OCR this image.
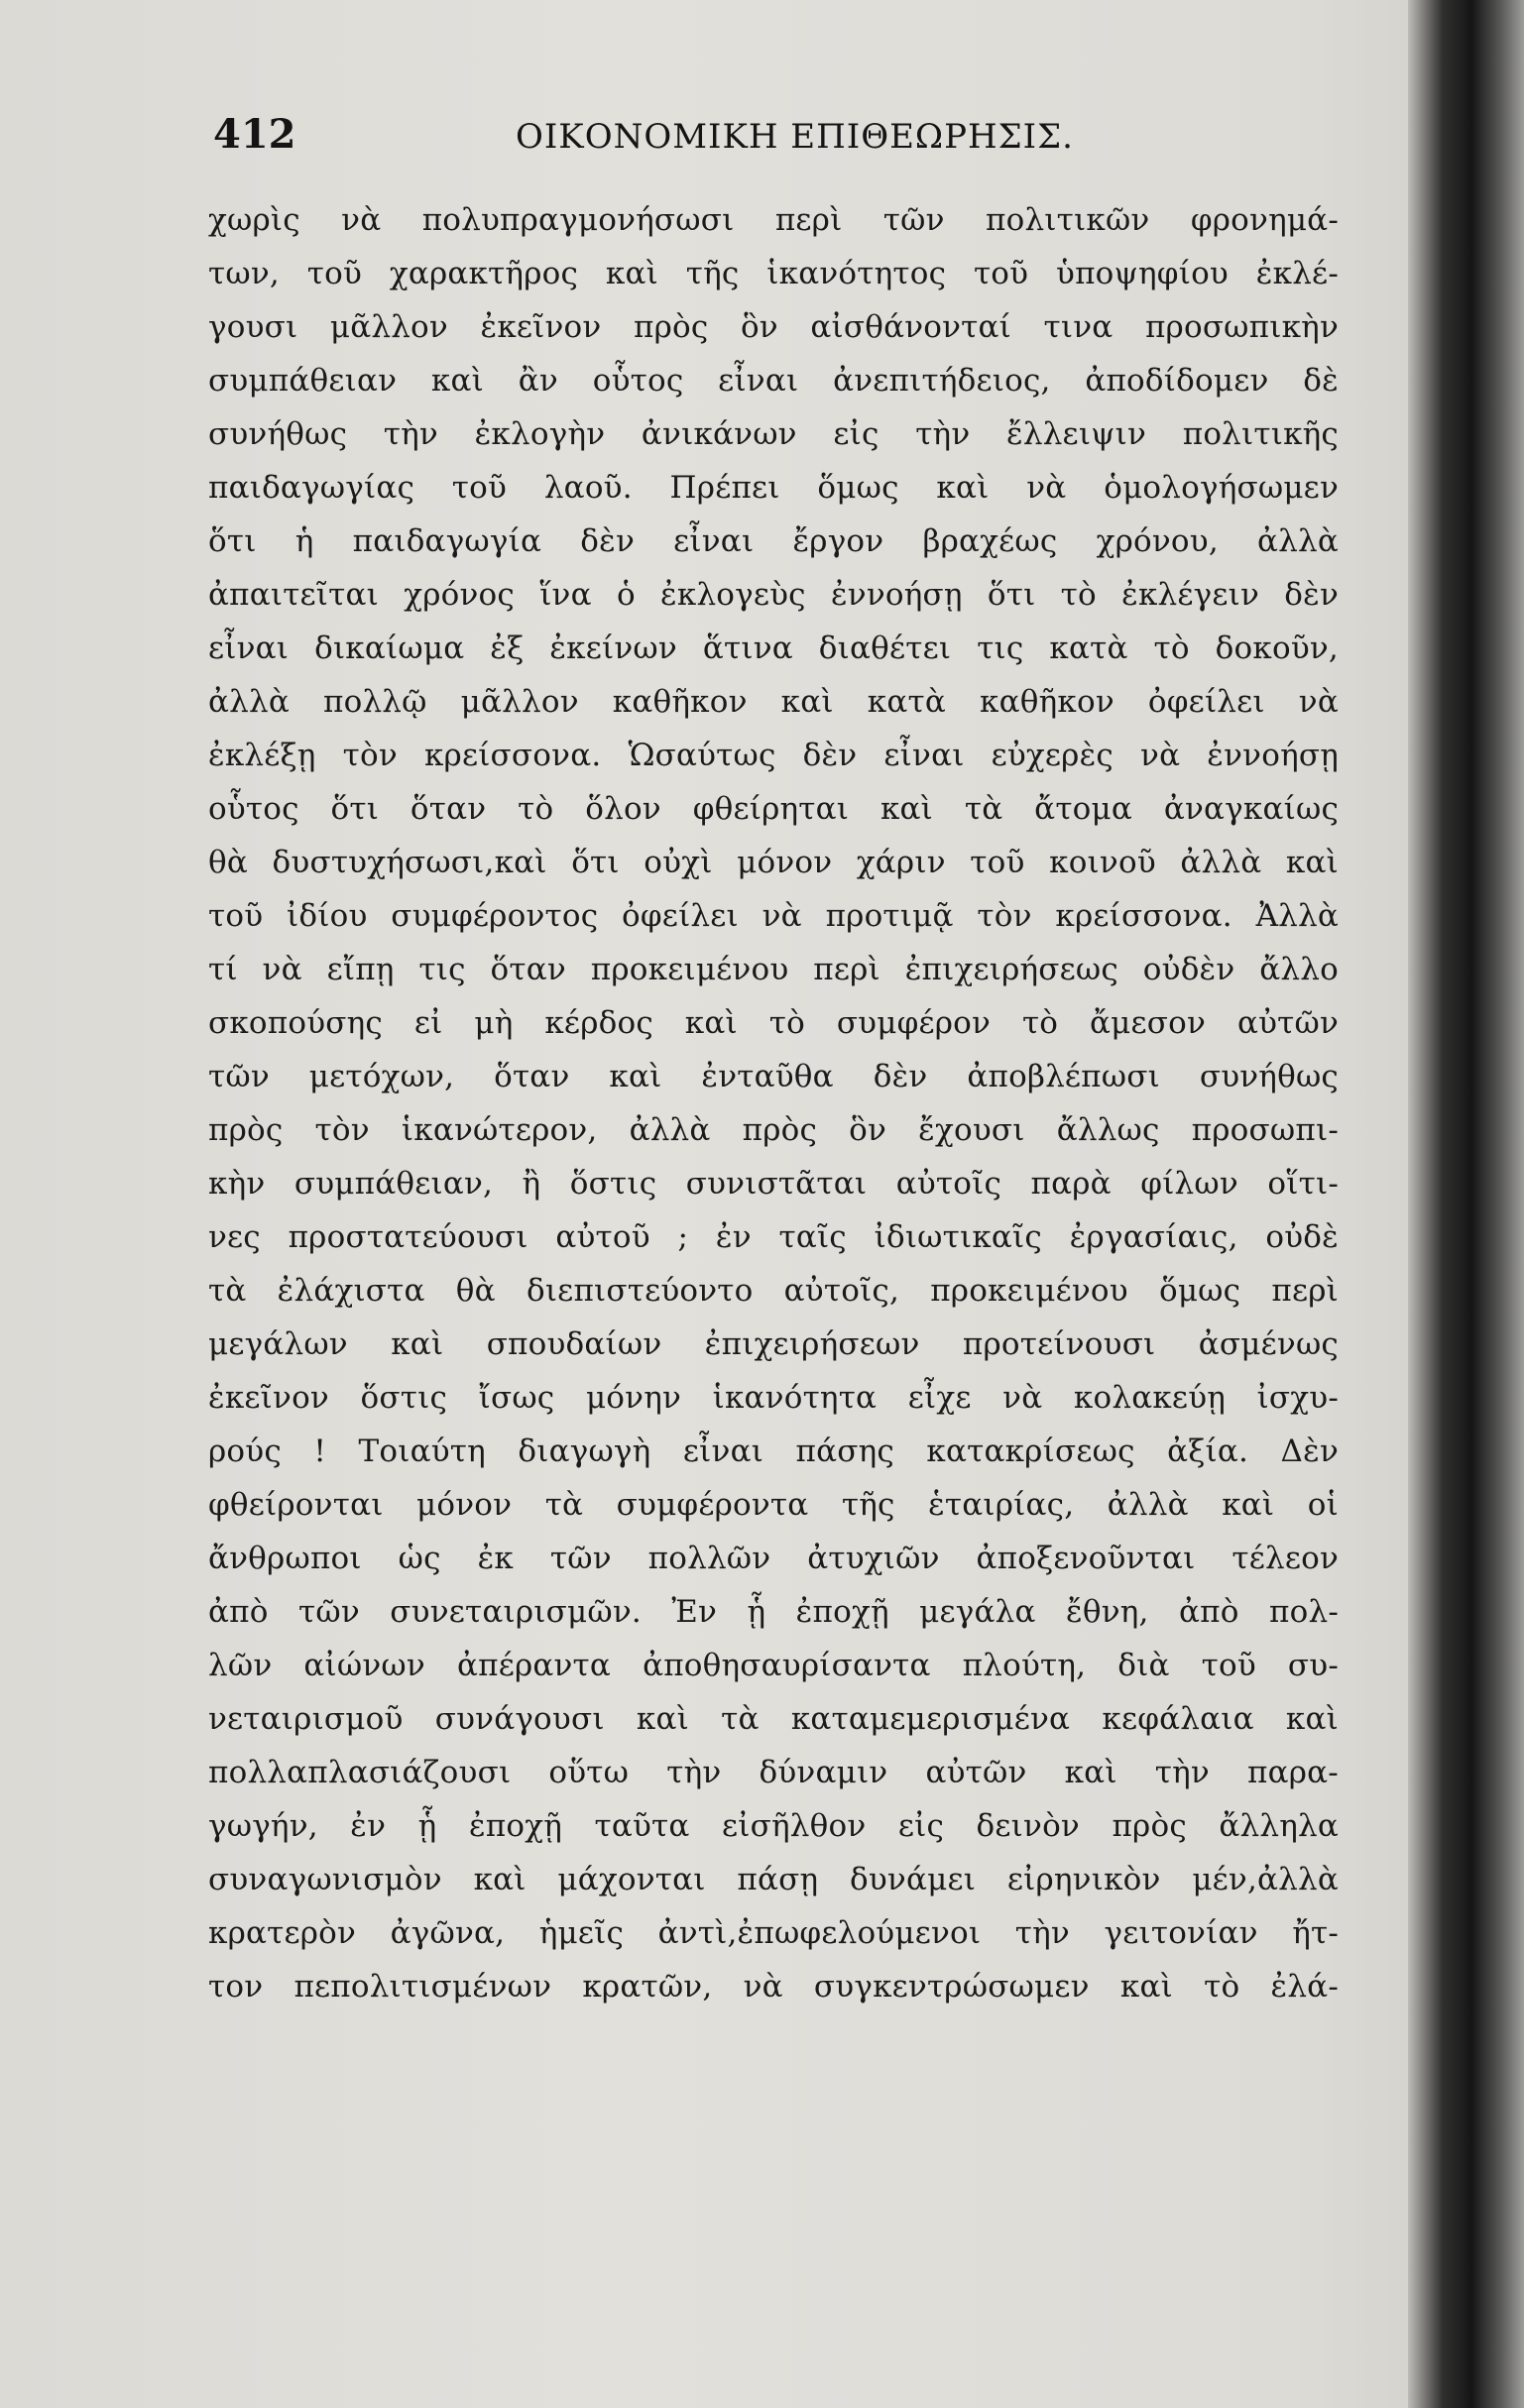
412	ΟΙΚΟΝΟΜΙΚΗ ΕΠΙΘΕΩΡΗΣΙΣ.
χωρὶς νὰ πολυπραγμονήσωσι περὶ τῶν πολιτικῶν φρονημά-
των, τοῦ χαρακτῆρος καὶ τῆς ἱκανότητος τοῦ ὑποψηφίου ἐκλέ-
γουσι μᾶλλον ἐκεῖνον πρὸς ὃν αἰσθάνονταί τινα προσωπικὴν
συμπάθειαν καὶ ἂν οὗτος εἶναι ἀνεπιτήδειος, ἀποδίδομεν δὲ
συνήθως τὴν ἐκλογὴν ἀνικάνων εἰς τὴν ἔλλειψιν πολιτικῆς
παιδαγωγίας τοῦ λαοῦ. Πρέπει ὅμως καὶ νὰ ὁμολογήσωμεν
ὅτι ἡ παιδαγωγία δὲν εἶναι ἔργον βραχέως χρόνου, ἀλλὰ
ἀπαιτεῖται χρόνος ἵνα ὁ ἐκλογεὺς ἐννοήσῃ ὅτι τὸ ἐκλέγειν δὲν
εἶναι δικαίωμα ἐξ ἐκείνων ἅτινα διαθέτει τις κατὰ τὸ δοκοῦν,
ἀλλὰ πολλῷ μᾶλλον καθῆκον καὶ κατὰ καθῆκον ὀφείλει νὰ
ἐκλέξῃ τὸν κρείσσονα. Ὡσαύτως δὲν εἶναι εὐχερὲς νὰ ἐννοήσῃ
οὗτος ὅτι ὅταν τὸ ὅλον φθείρηται καὶ τὰ ἄτομα ἀναγκαίως
θὰ δυστυχήσωσι,καὶ ὅτι οὐχὶ μόνον χάριν τοῦ κοινοῦ ἀλλὰ καὶ
τοῦ ἰδίου συμφέροντος ὀφείλει νὰ προτιμᾷ τὸν κρείσσονα. Ἀλλὰ
τί νὰ εἴπῃ τις ὅταν προκειμένου περὶ ἐπιχειρήσεως οὐδὲν ἄλλο
σκοπούσης εἰ μὴ κέρδος καὶ τὸ συμφέρον τὸ ἄμεσον αὐτῶν
τῶν μετόχων, ὅταν καὶ ἐνταῦθα δὲν ἀποβλέπωσι συνήθως
πρὸς τὸν ἱκανώτερον, ἀλλὰ πρὸς ὃν ἔχουσι ἄλλως προσωπι-
κὴν συμπάθειαν, ἢ ὅστις συνιστᾶται αὐτοῖς παρὰ φίλων οἵτι-
νες προστατεύουσι αὐτοῦ ; ἐν ταῖς ἰδιωτικαῖς ἐργασίαις, οὐδὲ
τὰ ἐλάχιστα θὰ διεπιστεύοντο αὐτοῖς, προκειμένου ὅμως περὶ
μεγάλων καὶ σπουδαίων ἐπιχειρήσεων προτείνουσι ἀσμένως
ἐκεῖνον ὅστις ἴσως μόνην ἱκανότητα εἶχε νὰ κολακεύῃ ἰσχυ-
ρούς ! Τοιαύτη διαγωγὴ εἶναι πάσης κατακρίσεως ἀξία. Δὲν
φθείρονται μόνον τὰ συμφέροντα τῆς ἑταιρίας, ἀλλὰ καὶ οἱ
ἄνθρωποι ὡς ἐκ τῶν πολλῶν ἀτυχιῶν ἀποξενοῦνται τέλεον
ἀπὸ τῶν συνεταιρισμῶν. Ἐν ᾗ ἐποχῇ μεγάλα ἔθνη, ἀπὸ πολ-
λῶν αἰώνων ἀπέραντα ἀποθησαυρίσαντα πλούτη, διὰ τοῦ συ-
νεταιρισμοῦ συνάγουσι καὶ τὰ καταμεμερισμένα κεφάλαια καὶ
πολλαπλασιάζουσι οὕτω τὴν δύναμιν αὐτῶν καὶ τὴν παρα-
γωγήν, ἐν ᾗ ἐποχῇ ταῦτα εἰσῆλθον εἰς δεινὸν πρὸς ἄλληλα
συναγωνισμὸν καὶ μάχονται πάσῃ δυνάμει εἰρηνικὸν μέν,ἀλλὰ
κρατερὸν ἀγῶνα, ἡμεῖς ἀντὶ,ἐπωφελούμενοι τὴν γειτονίαν ἤτ-
τον πεπολιτισμένων κρατῶν, νὰ συγκεντρώσωμεν καὶ τὸ ἐλά-
